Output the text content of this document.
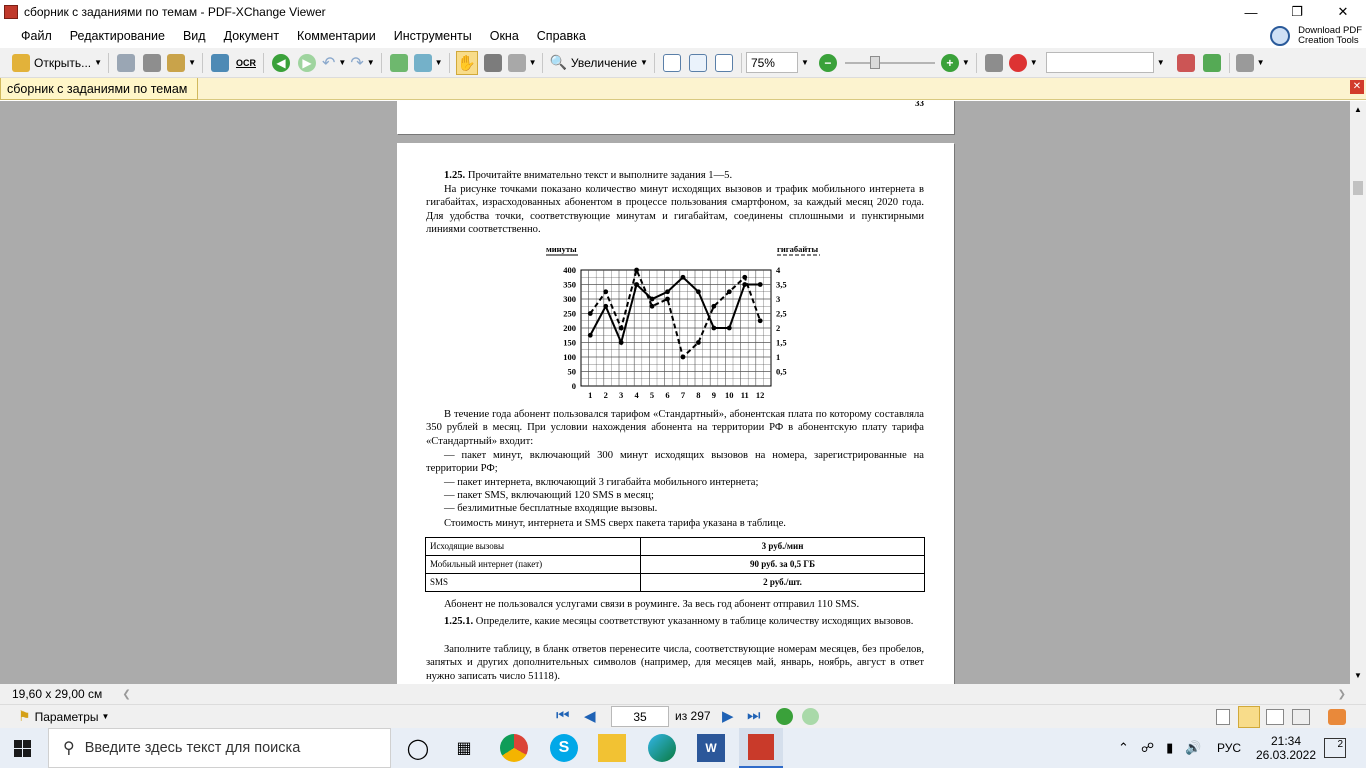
сборник с заданиями по темам - PDF-XChange Viewer	—	❐	✕
Файл	Редактирование	Вид	Документ	Комментарии	Инструменты	Окна	Справка	Download PDF
Creation Tools
Открыть... ▼	▼	OCR	◀	▶ ↶ ▼ ↷ ▼	▼ ✋	▼ 🔍 Увеличение ▼	75%	▼	−	+	▼	▼	▼	▼
сборник с заданиями по темам	✕
33
1.25. Прочитайте внимательно текст и выполните задания 1—5.
На рисунке точками показано количество минут исходящих вызовов и трафик мобильного интернета в гигабайтах, израсходованных абонентом в процессе пользования смартфоном, за каждый месяц 2020 года. Для удобства точки, соответствующие минутам и гигабайтам, соединены сплошными и пунктирными линиями соответственно.
0
50
100
150
200
250
300
350
400
0,5
1
1,5
2
2,5
3
3,5
4
1 2 3 4 5 6 7 8 9 10 11 12
минуты	гигабайты
В течение года абонент пользовался тарифом «Стандартный», абонентская плата по которому составляла 350 рублей в месяц. При условии нахождения абонента на территории РФ в абонентскую плату тарифа «Стандартный» входит:
— пакет минут, включающий 300 минут исходящих вызовов на номера, зарегистрированные на территории РФ;
— пакет интернета, включающий 3 гигабайта мобильного интернета;
— пакет SMS, включающий 120 SMS в месяц;
— безлимитные бесплатные входящие вызовы.
Стоимость минут, интернета и SMS сверх пакета тарифа указана в таблице.
Исходящие вызовы	3 руб./мин
Мобильный интернет (пакет)	90 руб. за 0,5 ГБ
SMS	2 руб./шт.
Абонент не пользовался услугами связи в роуминге. За весь год абонент отправил 110 SMS.
1.25.1. Определите, какие месяцы соответствуют указанному в таблице количеству исходящих вызовов.
Заполните таблицу, в бланк ответов перенесите числа, соответствующие номерам месяцев, без пробелов, запятых и других дополнительных символов (например, для месяцев май, январь, ноябрь, август в ответ нужно записать число 51118).
▲
▼
19,60 x 29,00 см ❮	❯
⚑ Параметры ▼	⏮ ◀	35 из 297 ▶ ⏭
⚲ Введите здесь текст для поиска	◯	▦	S	W	⌃ ☍ ▮ 🔊 РУС 21:34
26.03.2022
2
